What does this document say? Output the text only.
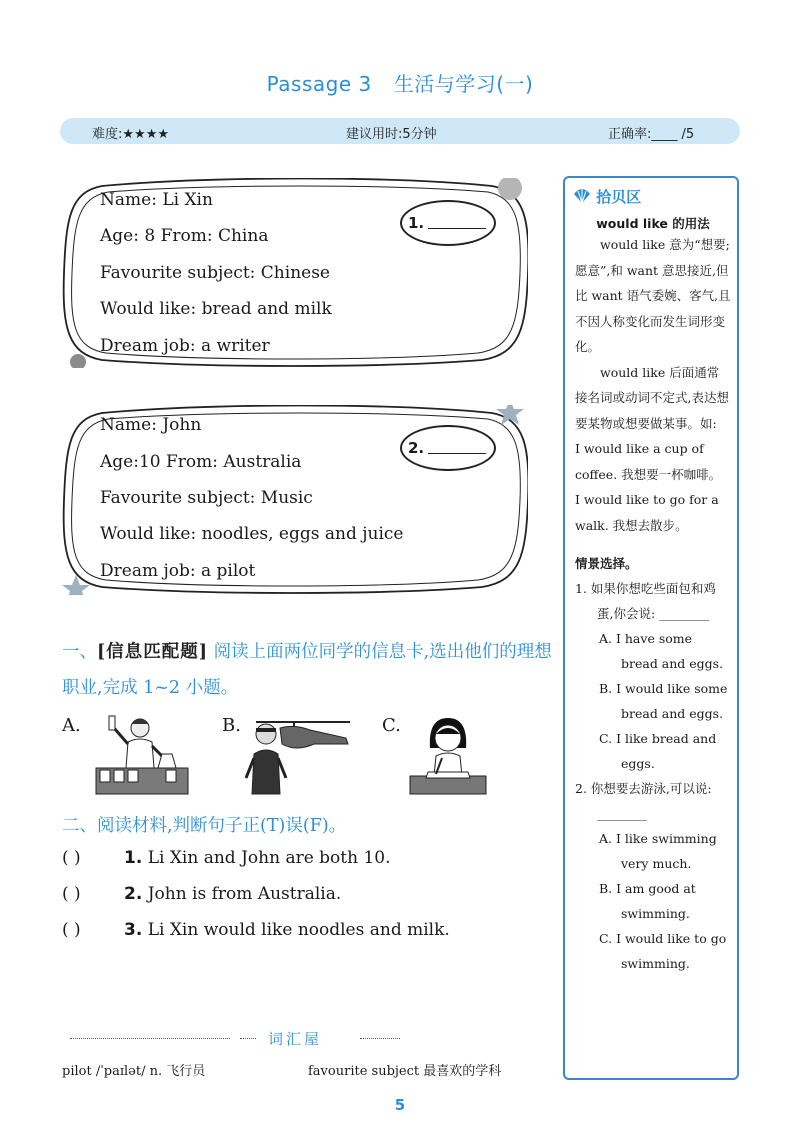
Passage 3 生活与学习(一)
难度:★★★★	建议用时:5分钟	正确率:____ /5
Name: Li Xin
Age: 8 From: China
Favourite subject: Chinese
Would like: bread and milk
Dream job: a writer
1.
Name: John
Age:10 From: Australia
Favourite subject: Music
Would like: noodles, eggs and juice
Dream job: a pilot
2.
一、[信息匹配题] 阅读上面两位同学的信息卡,选出他们的理想职业,完成 1~2 小题。
A.	B.	C.
二、阅读材料,判断句子正(T)误(F)。
( )	1. Li Xin and John are both 10.
( )	2. John is from Australia.
( )	3. Li Xin would like noodles and milk.
词汇屋
pilot /ˈpaɪlət/ n. 飞行员	favourite subject 最喜欢的学科
5
拾贝区
would like 的用法

would like 意为“想要;愿意”,和 want 意思接近,但比 want 语气委婉、客气,且不因人称变化而发生词形变化。

would like 后面通常接名词或动词不定式,表达想要某物或想要做某事。如:

I would like a cup of coffee. 我想要一杯咖啡。

I would like to go for a walk. 我想去散步。

情景选择。
1. 如果你想吃些面包和鸡蛋,你会说: ________
A. I have some bread and eggs.
B. I would like some bread and eggs.
C. I like bread and eggs.
2. 你想要去游泳,可以说: ________
A. I like swimming very much.
B. I am good at swimming.
C. I would like to go swimming.
